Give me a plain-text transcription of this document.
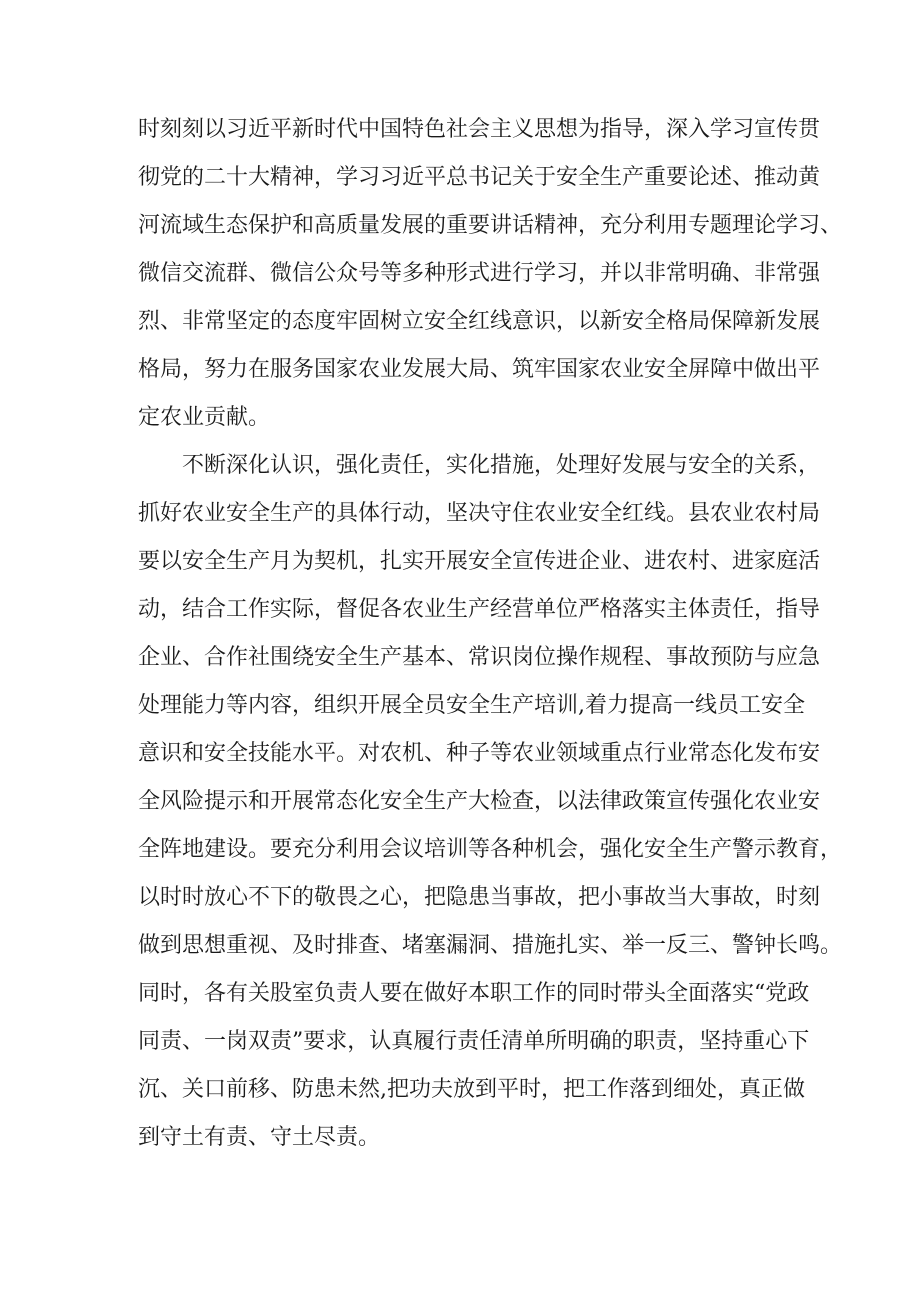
时刻刻以习近平新时代中国特色社会主义思想为指导，深入学习宣传贯
彻党的二十大精神，学习习近平总书记关于安全生产重要论述、推动黄
河流域生态保护和高质量发展的重要讲话精神，充分利用专题理论学习、
微信交流群、微信公众号等多种形式进行学习，并以非常明确、非常强
烈、非常坚定的态度牢固树立安全红线意识，以新安全格局保障新发展
格局，努力在服务国家农业发展大局、筑牢国家农业安全屏障中做出平
定农业贡献。
不断深化认识，强化责任，实化措施，处理好发展与安全的关系，
抓好农业安全生产的具体行动，坚决守住农业安全红线。县农业农村局
要以安全生产月为契机，扎实开展安全宣传进企业、进农村、进家庭活
动，结合工作实际，督促各农业生产经营单位严格落实主体责任，指导
企业、合作社围绕安全生产基本、常识岗位操作规程、事故预防与应急
处理能力等内容，组织开展全员安全生产培训,着力提高一线员工安全
意识和安全技能水平。对农机、种子等农业领域重点行业常态化发布安
全风险提示和开展常态化安全生产大检查，以法律政策宣传强化农业安
全阵地建设。要充分利用会议培训等各种机会，强化安全生产警示教育，
以时时放心不下的敬畏之心，把隐患当事故，把小事故当大事故，时刻
做到思想重视、及时排查、堵塞漏洞、措施扎实、举一反三、警钟长鸣。
同时，各有关股室负责人要在做好本职工作的同时带头全面落实“党政
同责、一岗双责”要求，认真履行责任清单所明确的职责，坚持重心下
沉、关口前移、防患未然,把功夫放到平时，把工作落到细处，真正做
到守土有责、守土尽责。
